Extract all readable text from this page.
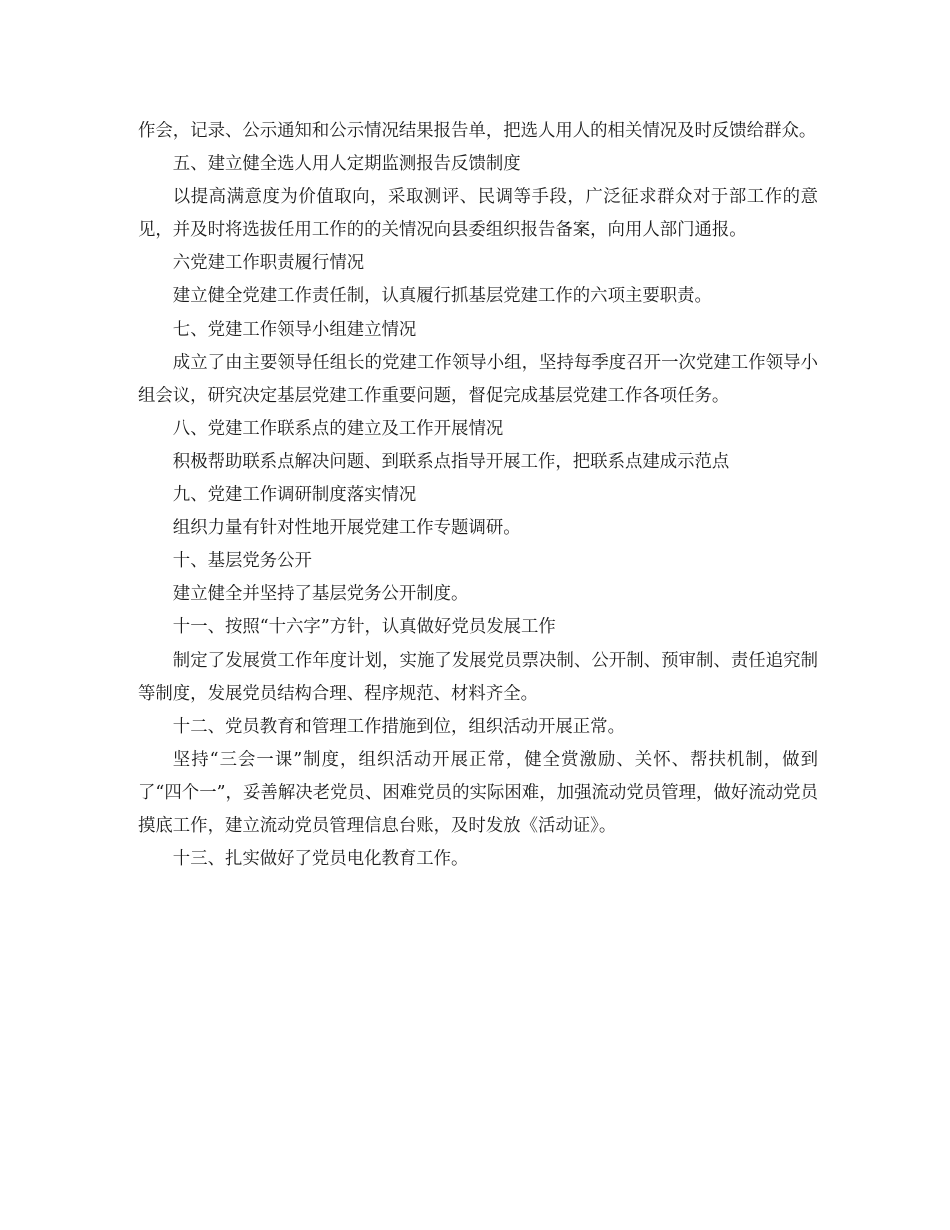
作会，记录、公示通知和公示情况结果报告单，把选人用人的相关情况及时反馈给群众。

五、建立健全选人用人定期监测报告反馈制度

以提高满意度为价值取向，采取测评、民调等手段，广泛征求群众对于部工作的意见，并及时将选拔任用工作的的关情况向县委组织报告备案，向用人部门通报。

六党建工作职责履行情况

建立健全党建工作责任制，认真履行抓基层党建工作的六项主要职责。

七、党建工作领导小组建立情况

成立了由主要领导任组长的党建工作领导小组，坚持每季度召开一次党建工作领导小组会议，研究决定基层党建工作重要问题，督促完成基层党建工作各项任务。

八、党建工作联系点的建立及工作开展情况

积极帮助联系点解决问题、到联系点指导开展工作，把联系点建成示范点

九、党建工作调研制度落实情况

组织力量有针对性地开展党建工作专题调研。

十、基层党务公开

建立健全并坚持了基层党务公开制度。

十一、按照“十六字”方针，认真做好党员发展工作

制定了发展赏工作年度计划，实施了发展党员票决制、公开制、预审制、责任追究制等制度，发展党员结构合理、程序规范、材料齐全。

十二、党员教育和管理工作措施到位，组织活动开展正常。

坚持“三会一课”制度，组织活动开展正常，健全赏激励、关怀、帮扶机制，做到了“四个一”，妥善解决老党员、困难党员的实际困难，加强流动党员管理，做好流动党员摸底工作，建立流动党员管理信息台账，及时发放《活动证》。

十三、扎实做好了党员电化教育工作。
